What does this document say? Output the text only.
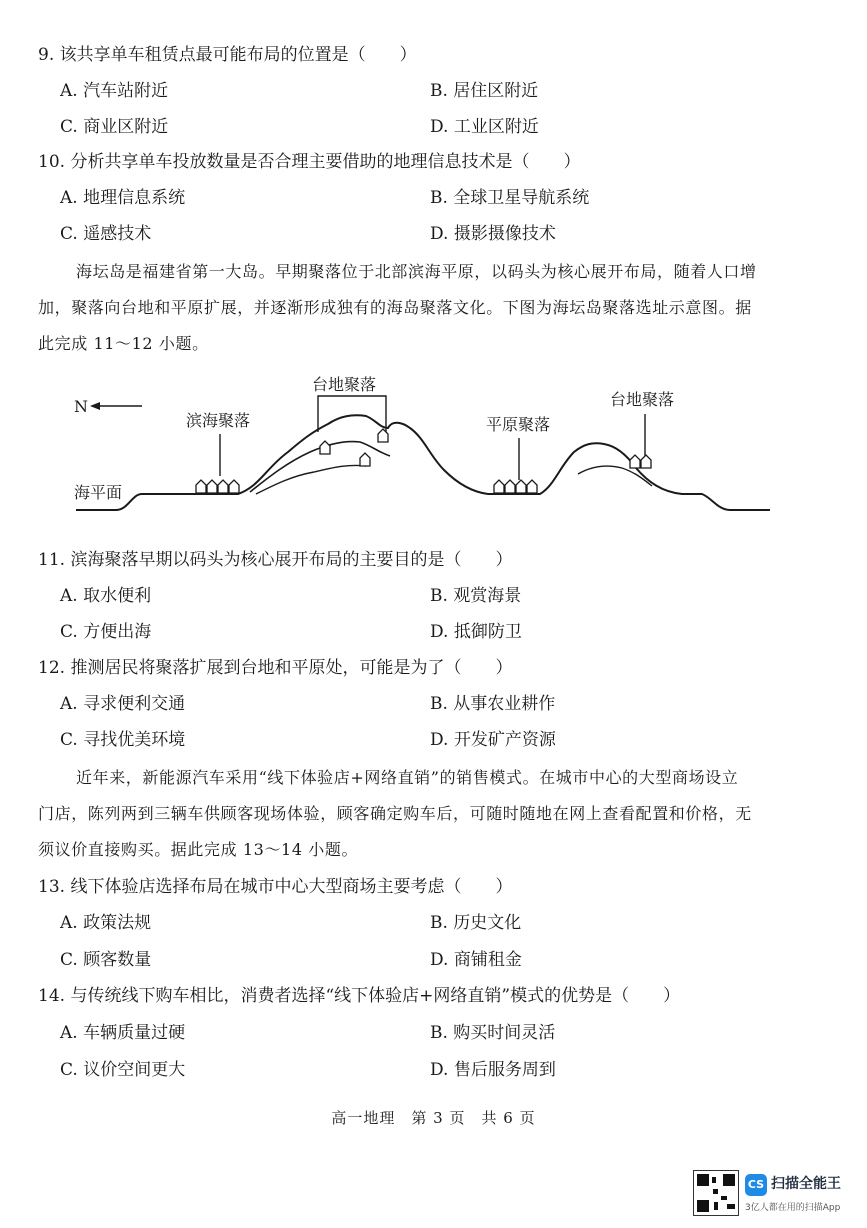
9. 该共享单车租赁点最可能布局的位置是（　　）
A. 汽车站附近	B. 居住区附近
C. 商业区附近	D. 工业区附近
10. 分析共享单车投放数量是否合理主要借助的地理信息技术是（　　）
A. 地理信息系统	B. 全球卫星导航系统
C. 遥感技术	D. 摄影摄像技术
海坛岛是福建省第一大岛。早期聚落位于北部滨海平原，以码头为核心展开布局，随着人口增
加，聚落向台地和平原扩展，并逐渐形成独有的海岛聚落文化。下图为海坛岛聚落选址示意图。据
此完成 11～12 小题。
N
滨海聚落
台地聚落
平原聚落
台地聚落
海平面
11. 滨海聚落早期以码头为核心展开布局的主要目的是（　　）
A. 取水便利	B. 观赏海景
C. 方便出海	D. 抵御防卫
12. 推测居民将聚落扩展到台地和平原处，可能是为了（　　）
A. 寻求便利交通	B. 从事农业耕作
C. 寻找优美环境	D. 开发矿产资源
近年来，新能源汽车采用“线下体验店+网络直销”的销售模式。在城市中心的大型商场设立
门店，陈列两到三辆车供顾客现场体验，顾客确定购车后，可随时随地在网上查看配置和价格，无
须议价直接购买。据此完成 13～14 小题。
13. 线下体验店选择布局在城市中心大型商场主要考虑（　　）
A. 政策法规	B. 历史文化
C. 顾客数量	D. 商铺租金
14. 与传统线下购车相比，消费者选择“线下体验店+网络直销”模式的优势是（　　）
A. 车辆质量过硬	B. 购买时间灵活
C. 议价空间更大	D. 售后服务周到
高一地理　第 3 页　共 6 页
CS 扫描全能王
3亿人都在用的扫描App
